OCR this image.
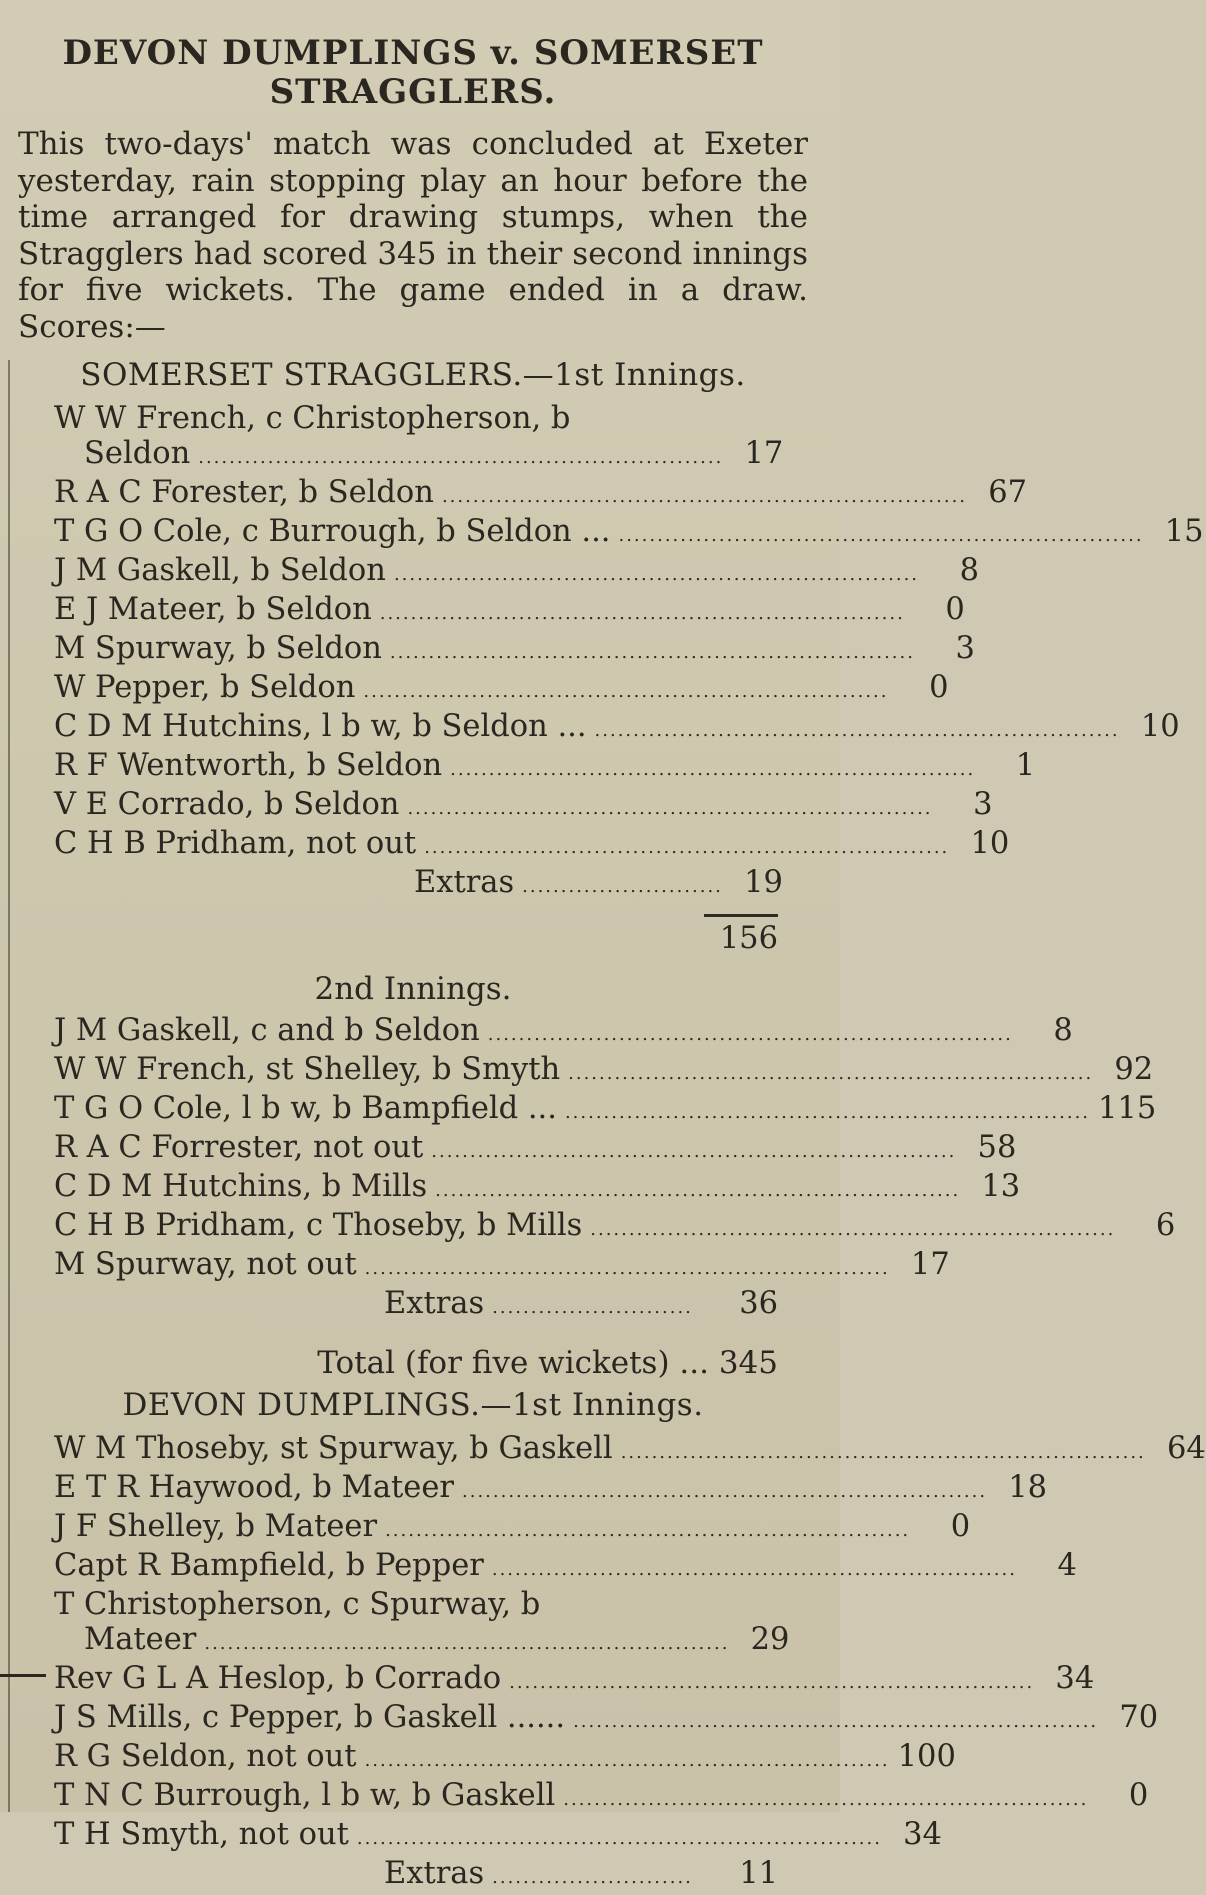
DEVON DUMPLINGS v. SOMERSET
STRAGGLERS.

This two-days' match was concluded at Exeter yesterday, rain stopping play an hour before the time arranged for drawing stumps, when the Stragglers had scored 345 in their second innings for five wickets. The game ended in a draw. Scores:—

SOMERSET STRAGGLERS.—1st Innings.
W W French, c Christopherson, b
Seldon .................................................................... 17
R A C Forester, b Seldon .................................................................... 67
T G O Cole, c Burrough, b Seldon ... .................................................................... 15
J M Gaskell, b Seldon ....................................................................	8
E J Mateer, b Seldon ....................................................................	0
M Spurway, b Seldon ....................................................................	3
W Pepper, b Seldon ....................................................................	0
C D M Hutchins, l b w, b Seldon ... .................................................................... 10
R F Wentworth, b Seldon ....................................................................	1
V E Corrado, b Seldon ....................................................................	3
C H B Pridham, not out .................................................................... 10
Extras .......................... 19
156
2nd Innings.
J M Gaskell, c and b Seldon ....................................................................	8
W W French, st Shelley, b Smyth .................................................................... 92
T G O Cole, l b w, b Bampfield ... .................................................................... 115
R A C Forrester, not out .................................................................... 58
C D M Hutchins, b Mills .................................................................... 13
C H B Pridham, c Thoseby, b Mills ....................................................................	6
M Spurway, not out .................................................................... 17
Extras ..........................	36
Total (for five wickets) ... 345
DEVON DUMPLINGS.—1st Innings.
W M Thoseby, st Spurway, b Gaskell .................................................................... 64
E T R Haywood, b Mateer .................................................................... 18
J F Shelley, b Mateer ....................................................................	0
Capt R Bampfield, b Pepper ....................................................................	4
T Christopherson, c Spurway, b
Mateer .................................................................... 29
Rev G L A Heslop, b Corrado .................................................................... 34
J S Mills, c Pepper, b Gaskell ...... .................................................................... 70
R G Seldon, not out .................................................................... 100
T N C Burrough, l b w, b Gaskell ....................................................................	0
T H Smyth, not out .................................................................... 34
Extras ..........................	11
